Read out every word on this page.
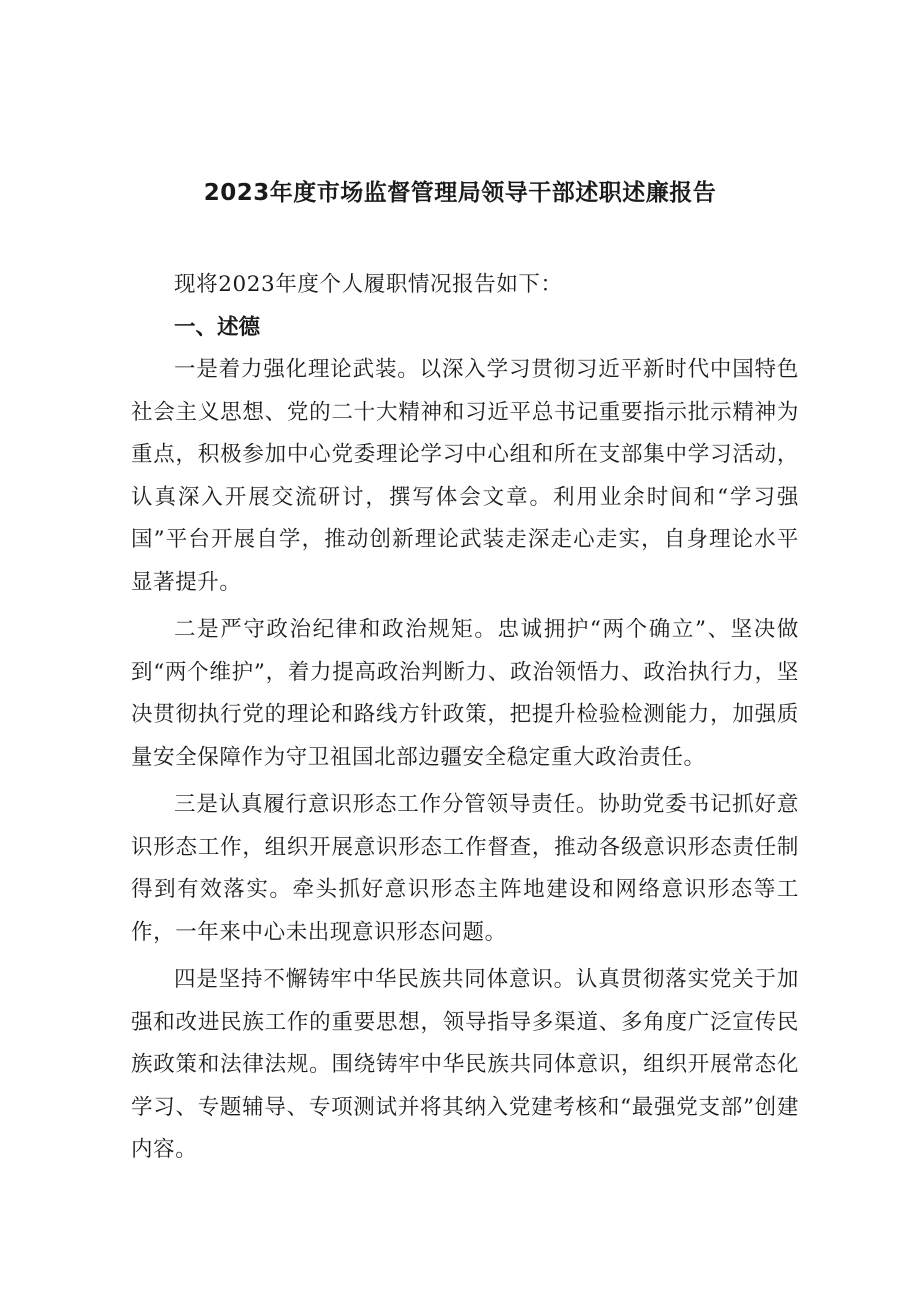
2023年度市场监督管理局领导干部述职述廉报告

现将2023年度个人履职情况报告如下：

一、述德

一是着力强化理论武装。以深入学习贯彻习近平新时代中国特色社会主义思想、党的二十大精神和习近平总书记重要指示批示精神为重点，积极参加中心党委理论学习中心组和所在支部集中学习活动，认真深入开展交流研讨，撰写体会文章。利用业余时间和“学习强国”平台开展自学，推动创新理论武装走深走心走实，自身理论水平显著提升。

二是严守政治纪律和政治规矩。忠诚拥护“两个确立”、坚决做到“两个维护”，着力提高政治判断力、政治领悟力、政治执行力，坚决贯彻执行党的理论和路线方针政策，把提升检验检测能力，加强质量安全保障作为守卫祖国北部边疆安全稳定重大政治责任。

三是认真履行意识形态工作分管领导责任。协助党委书记抓好意识形态工作，组织开展意识形态工作督查，推动各级意识形态责任制得到有效落实。牵头抓好意识形态主阵地建设和网络意识形态等工作，一年来中心未出现意识形态问题。

四是坚持不懈铸牢中华民族共同体意识。认真贯彻落实党关于加强和改进民族工作的重要思想，领导指导多渠道、多角度广泛宣传民族政策和法律法规。围绕铸牢中华民族共同体意识，组织开展常态化学习、专题辅导、专项测试并将其纳入党建考核和“最强党支部”创建内容。
